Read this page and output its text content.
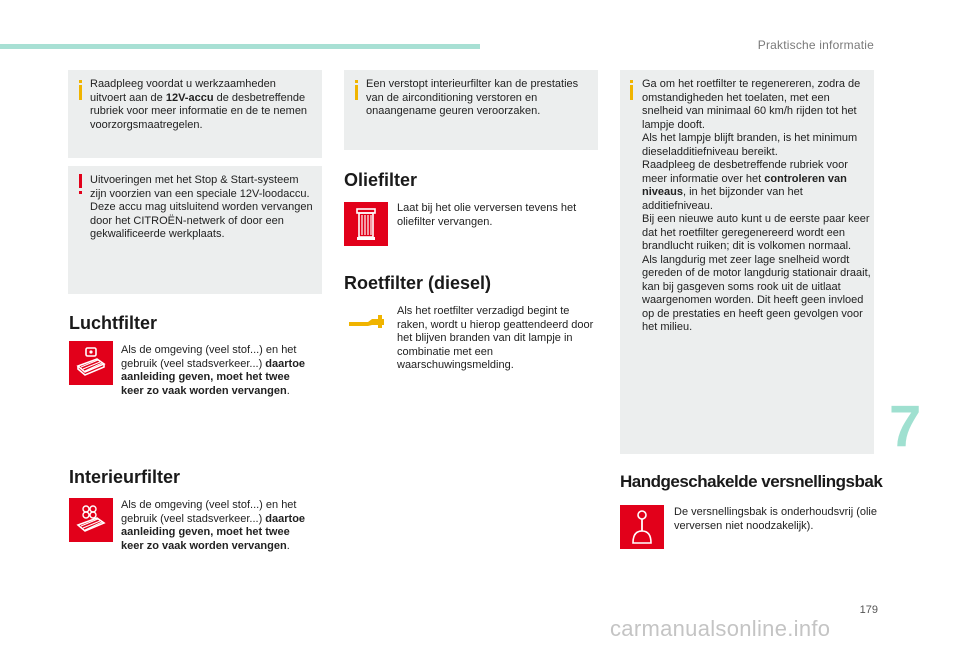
Praktische informatie

Raadpleeg voordat u werkzaamheden uitvoert aan de 12V-accu de desbetreffende rubriek voor meer informatie en de te nemen voorzorgsmaatregelen.

Uitvoeringen met het Stop & Start-systeem zijn voorzien van een speciale 12V-loodaccu.
Deze accu mag uitsluitend worden vervangen door het CITROËN-netwerk of door een gekwalificeerde werkplaats.

Luchtfilter

Als de omgeving (veel stof...) en het gebruik (veel stadsverkeer...) daartoe aanleiding geven, moet het twee keer zo vaak worden vervangen.

Interieurfilter

Als de omgeving (veel stof...) en het gebruik (veel stadsverkeer...) daartoe aanleiding geven, moet het twee keer zo vaak worden vervangen.

Een verstopt interieurfilter kan de prestaties van de airconditioning verstoren en onaangename geuren veroorzaken.

Oliefilter

Laat bij het olie verversen tevens het oliefilter vervangen.

Roetfilter (diesel)

Als het roetfilter verzadigd begint te raken, wordt u hierop geattendeerd door het blijven branden van dit lampje in combinatie met een waarschuwingsmelding.

Ga om het roetfilter te regenereren, zodra de omstandigheden het toelaten, met een snelheid van minimaal 60 km/h rijden tot het lampje dooft.
Als het lampje blijft branden, is het minimum dieseladditiefniveau bereikt.
Raadpleeg de desbetreffende rubriek voor meer informatie over het controleren van niveaus, in het bijzonder van het additiefniveau.
Bij een nieuwe auto kunt u de eerste paar keer dat het roetfilter geregenereerd wordt een brandlucht ruiken; dit is volkomen normaal.
Als langdurig met zeer lage snelheid wordt gereden of de motor langdurig stationair draait, kan bij gasgeven soms rook uit de uitlaat waargenomen worden. Dit heeft geen invloed op de prestaties en heeft geen gevolgen voor het milieu.

Handgeschakelde versnellingsbak

De versnellingsbak is onderhoudsvrij (olie verversen niet noodzakelijk).

7
179
carmanualsonline.info
